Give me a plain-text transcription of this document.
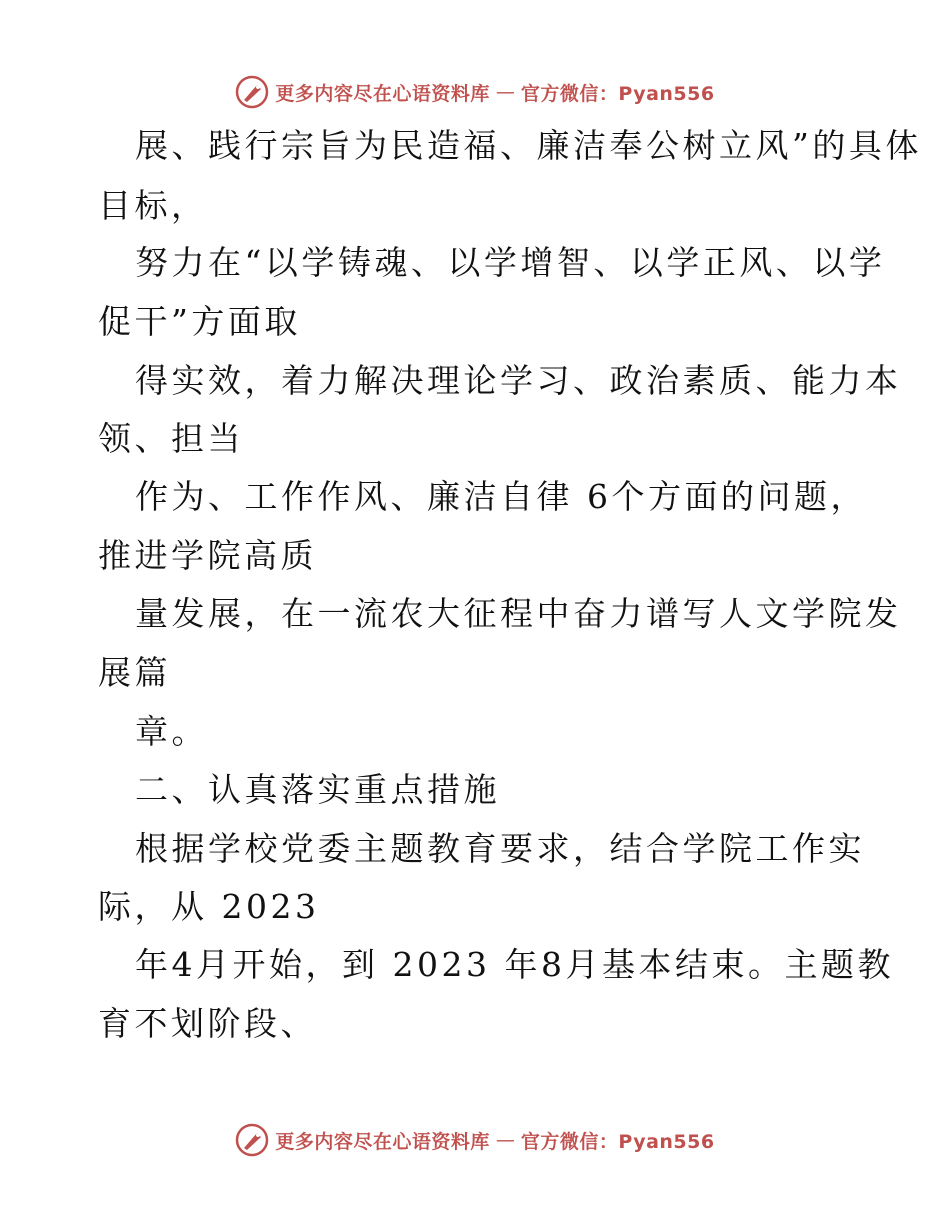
更多内容尽在心语资料库 — 官方微信：Pyan556
展、践行宗旨为民造福、廉洁奉公树立风”的具体
目标，
努力在“以学铸魂、以学增智、以学正风、以学
促干”方面取
得实效，着力解决理论学习、政治素质、能力本
领、担当
作为、工作作风、廉洁自律 6个方面的问题，
推进学院高质
量发展，在一流农大征程中奋力谱写人文学院发
展篇
章。
二、认真落实重点措施
根据学校党委主题教育要求，结合学院工作实
际，从 2023
年4月开始，到 2023 年8月基本结束。主题教
育不划阶段、
更多内容尽在心语资料库 — 官方微信：Pyan556
